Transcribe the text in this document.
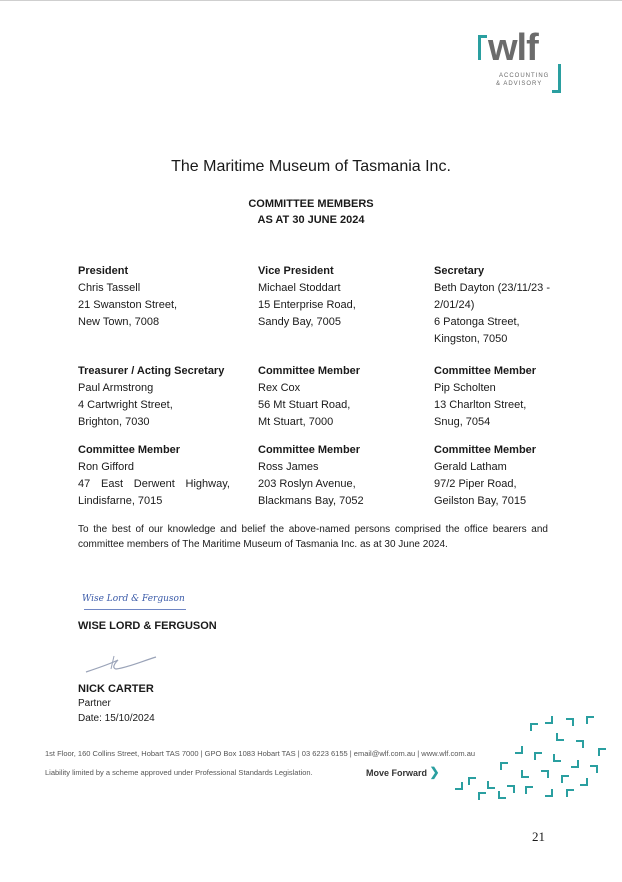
wlf
ACCOUNTING
& ADVISORY
The Maritime Museum of Tasmania Inc.
COMMITTEE MEMBERS
AS AT 30 JUNE 2024
President
Chris Tassell
21 Swanston Street,
New Town, 7008
Vice President
Michael Stoddart
15 Enterprise Road,
Sandy Bay, 7005
Secretary
Beth Dayton (23/11/23 -
2/01/24)
6 Patonga Street,
Kingston, 7050
Treasurer / Acting Secretary
Paul Armstrong
4 Cartwright Street,
Brighton, 7030
Committee Member
Rex Cox
56 Mt Stuart Road,
Mt Stuart, 7000
Committee Member
Pip Scholten
13 Charlton Street,
Snug, 7054
Committee Member
Ron Gifford
47 East Derwent Highway,
Lindisfarne, 7015
Committee Member
Ross James
203 Roslyn Avenue,
Blackmans Bay, 7052
Committee Member
Gerald Latham
97/2 Piper Road,
Geilston Bay, 7015
To the best of our knowledge and belief the above-named persons comprised the office bearers and committee members of The Maritime Museum of Tasmania Inc. as at 30 June 2024.
Wise Lord & Ferguson
WISE LORD & FERGUSON
NICK CARTER
Partner
Date: 15/10/2024
1st Floor, 160 Collins Street, Hobart TAS 7000 | GPO Box 1083 Hobart TAS | 03 6223 6155 | email@wlf.com.au | www.wlf.com.au
Liability limited by a scheme approved under Professional Standards Legislation.	Move Forward ❯
21
